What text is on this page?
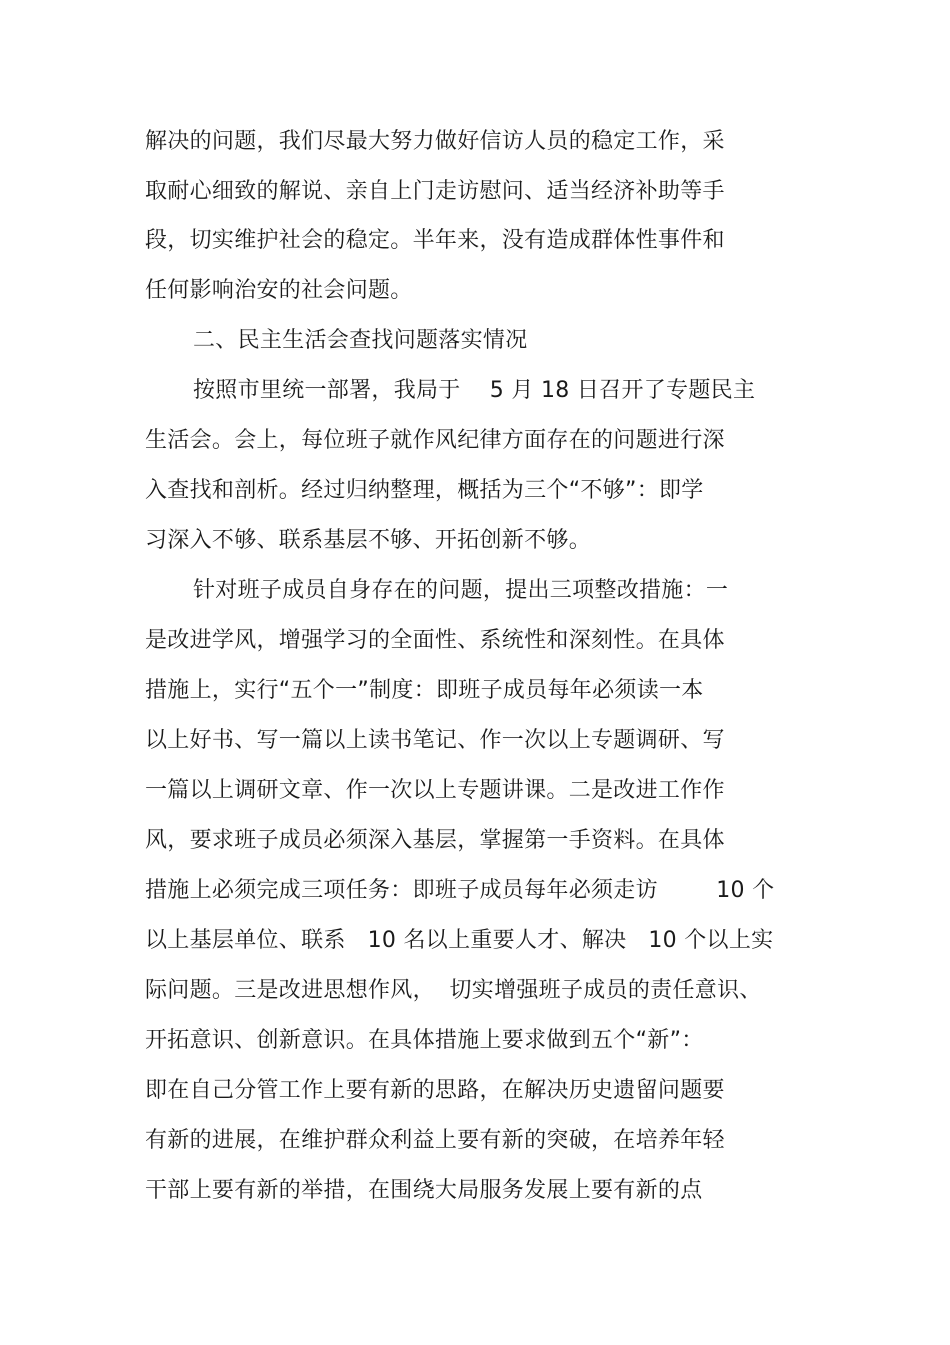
解决的问题，我们尽最大努力做好信访人员的稳定工作，采
取耐心细致的解说、亲自上门走访慰问、适当经济补助等手
段，切实维护社会的稳定。半年来，没有造成群体性事件和
任何影响治安的社会问题。
二、民主生活会查找问题落实情况
按照市里统一部署，我局于    5 月 18 日召开了专题民主
生活会。会上，每位班子就作风纪律方面存在的问题进行深
入查找和剖析。经过归纳整理，概括为三个“不够”：即学
习深入不够、联系基层不够、开拓创新不够。
针对班子成员自身存在的问题，提出三项整改措施：一
是改进学风，增强学习的全面性、系统性和深刻性。在具体
措施上，实行“五个一”制度：即班子成员每年必须读一本
以上好书、写一篇以上读书笔记、作一次以上专题调研、写
一篇以上调研文章、作一次以上专题讲课。二是改进工作作
风，要求班子成员必须深入基层，掌握第一手资料。在具体
措施上必须完成三项任务：即班子成员每年必须走访        10 个
以上基层单位、联系   10 名以上重要人才、解决   10 个以上实
际问题。三是改进思想作风，  切实增强班子成员的责任意识、
开拓意识、创新意识。在具体措施上要求做到五个“新”：
即在自己分管工作上要有新的思路，在解决历史遗留问题要
有新的进展，在维护群众利益上要有新的突破，在培养年轻
干部上要有新的举措，在围绕大局服务发展上要有新的点
